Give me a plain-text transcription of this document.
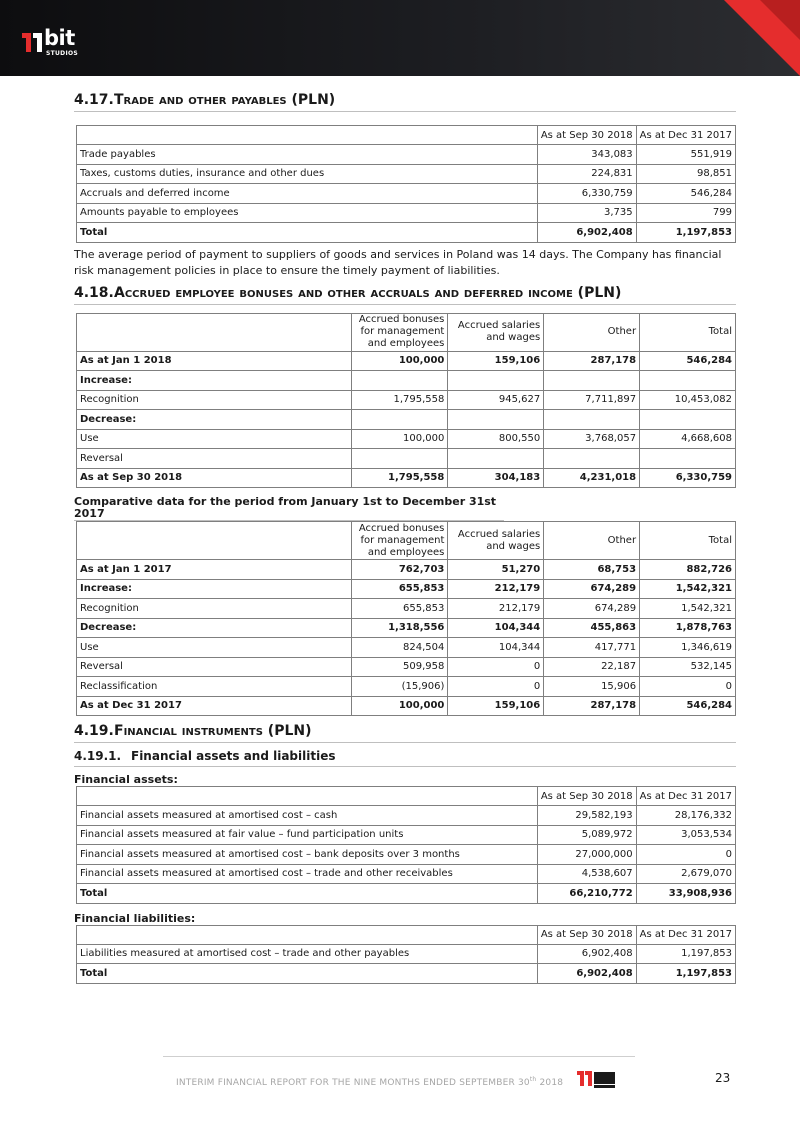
bit
STUDIOS
4.17. Trade and other payables (PLN)
	As at Sep 30 2018	As at Dec 31 2017
Trade payables	343,083	551,919
Taxes, customs duties, insurance and other dues	224,831	98,851
Accruals and deferred income	6,330,759	546,284
Amounts payable to employees	3,735	799
Total	6,902,408	1,197,853

The average period of payment to suppliers of goods and services in Poland was 14 days. The Company has financial risk management policies in place to ensure the timely payment of liabilities.

4.18. Accrued employee bonuses and other accruals and deferred income (PLN)
	Accrued bonuses for management and employees	Accrued salaries and wages	Other	Total
As at Jan 1 2018	100,000	159,106	287,178	546,284
Increase:				
Recognition	1,795,558	945,627	7,711,897	10,453,082
Decrease:				
Use	100,000	800,550	3,768,057	4,668,608
Reversal				
As at Sep 30 2018	1,795,558	304,183	4,231,018	6,330,759
Comparative data for the period from January 1st to December 31st 2017
	Accrued bonuses for management and employees	Accrued salaries and wages	Other	Total
As at Jan 1 2017	762,703	51,270	68,753	882,726
Increase:	655,853	212,179	674,289	1,542,321
Recognition	655,853	212,179	674,289	1,542,321
Decrease:	1,318,556	104,344	455,863	1,878,763
Use	824,504	104,344	417,771	1,346,619
Reversal	509,958	0	22,187	532,145
Reclassification	(15,906)	0	15,906	0
As at Dec 31 2017	100,000	159,106	287,178	546,284
4.19. Financial instruments (PLN)
4.19.1. Financial assets and liabilities
Financial assets:
	As at Sep 30 2018	As at Dec 31 2017
Financial assets measured at amortised cost – cash	29,582,193	28,176,332
Financial assets measured at fair value – fund participation units	5,089,972	3,053,534
Financial assets measured at amortised cost – bank deposits over 3 months	27,000,000	0
Financial assets measured at amortised cost – trade and other receivables	4,538,607	2,679,070
Total	66,210,772	33,908,936
Financial liabilities:
	As at Sep 30 2018	As at Dec 31 2017
Liabilities measured at amortised cost – trade and other payables	6,902,408	1,197,853
Total	6,902,408	1,197,853
INTERIM FINANCIAL REPORT FOR THE NINE MONTHS ENDED SEPTEMBER 30th 2018	23
